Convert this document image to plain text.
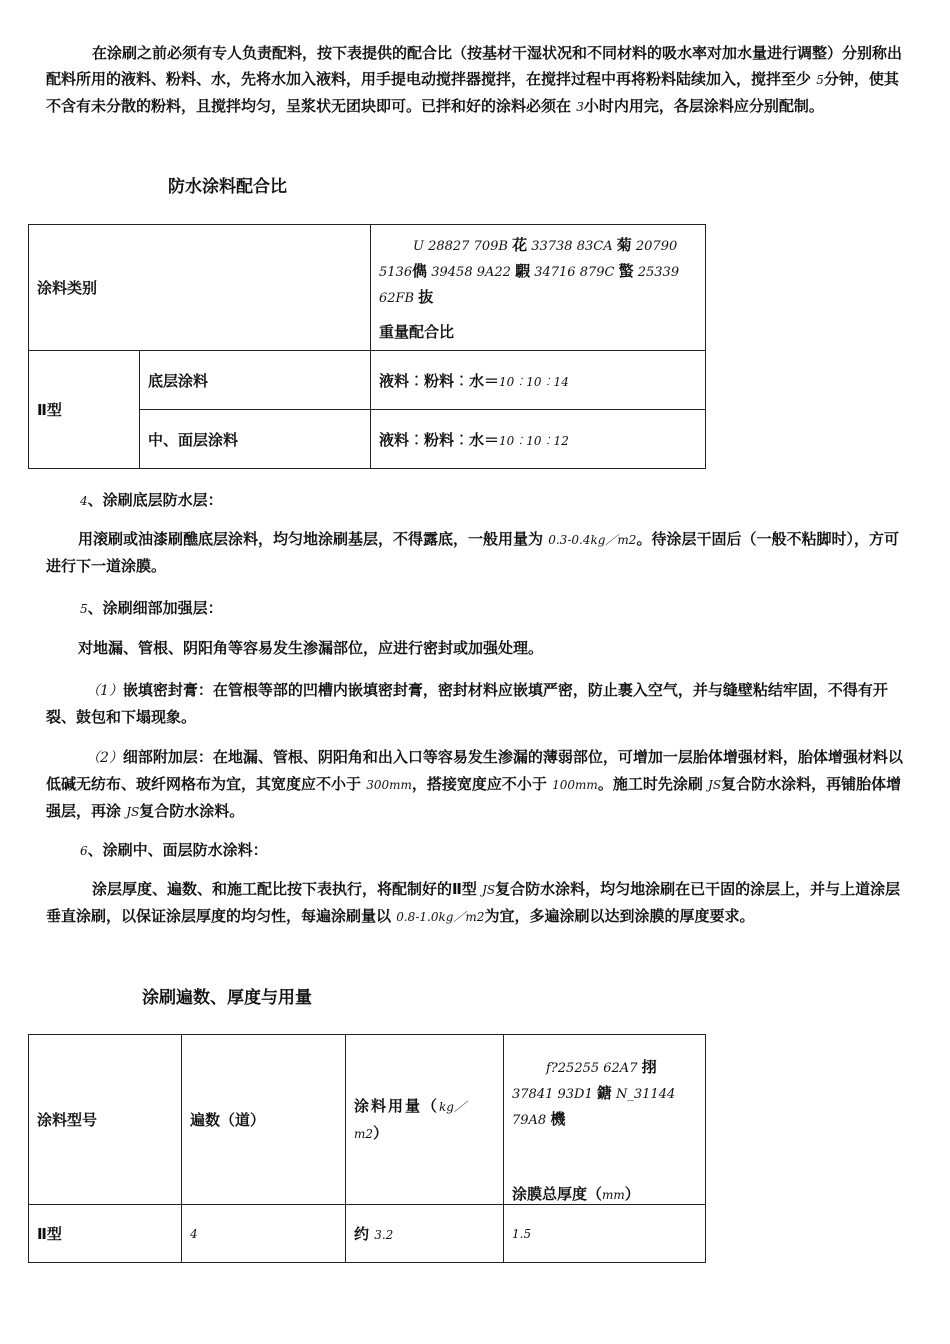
在涂刷之前必须有专人负责配料，按下表提供的配合比（按基材干湿状况和不同材料的吸水率对加水量进行调整）分别称出配料所用的液料、粉料、水，先将水加入液料，用手提电动搅拌器搅拌，在搅拌过程中再将粉料陆续加入，搅拌至少 5分钟，使其不含有未分散的粉料，且搅拌均匀，呈浆状无团块即可。已拌和好的涂料必须在 3小时内用完，各层涂料应分别配制。

防水涂料配合比
涂料类别		U 28827 709B 花 33738 83CA 菊 20790 5136儁 39458 9A22 騢 34716 879C 蟼 25339 62FB 抜
重量配合比

Ⅱ型	底层涂料	液料︰粉料︰水＝10︰10︰14
	中、面层涂料	液料︰粉料︰水＝10︰10︰12
4、涂刷底层防水层：

用滚刷或油漆刷醮底层涂料，均匀地涂刷基层，不得露底，一般用量为 0.3-0.4kg／m2。待涂层干固后（一般不粘脚时），方可进行下一道涂膜。

5、涂刷细部加强层：

对地漏、管根、阴阳角等容易发生渗漏部位，应进行密封或加强处理。

（1）嵌填密封膏：在管根等部的凹槽内嵌填密封膏，密封材料应嵌填严密，防止裹入空气，并与缝壁粘结牢固，不得有开裂、鼓包和下塌现象。

（2）细部附加层：在地漏、管根、阴阳角和出入口等容易发生渗漏的薄弱部位，可增加一层胎体增强材料，胎体增强材料以低碱无纺布、玻纤网格布为宜，其宽度应不小于 300mm，搭接宽度应不小于 100mm。施工时先涂刷 JS复合防水涂料，再铺胎体增强层，再涂 JS复合防水涂料。

6、涂刷中、面层防水涂料：

涂层厚度、遍数、和施工配比按下表执行，将配制好的Ⅱ型 JS复合防水涂料，均匀地涂刷在已干固的涂层上，并与上道涂层垂直涂刷，以保证涂层厚度的均匀性，每遍涂刷量以 0.8-1.0kg／m2为宜，多遍涂刷以达到涂膜的厚度要求。

涂刷遍数、厚度与用量
涂料型号	遍数（道）	涂料用量（kg／m2）	f?25255 62A7 挧 37841 93D1 鎕 N_31144 79A8 機
涂膜总厚度（mm）

Ⅱ型	4	约 3.2	1.5
